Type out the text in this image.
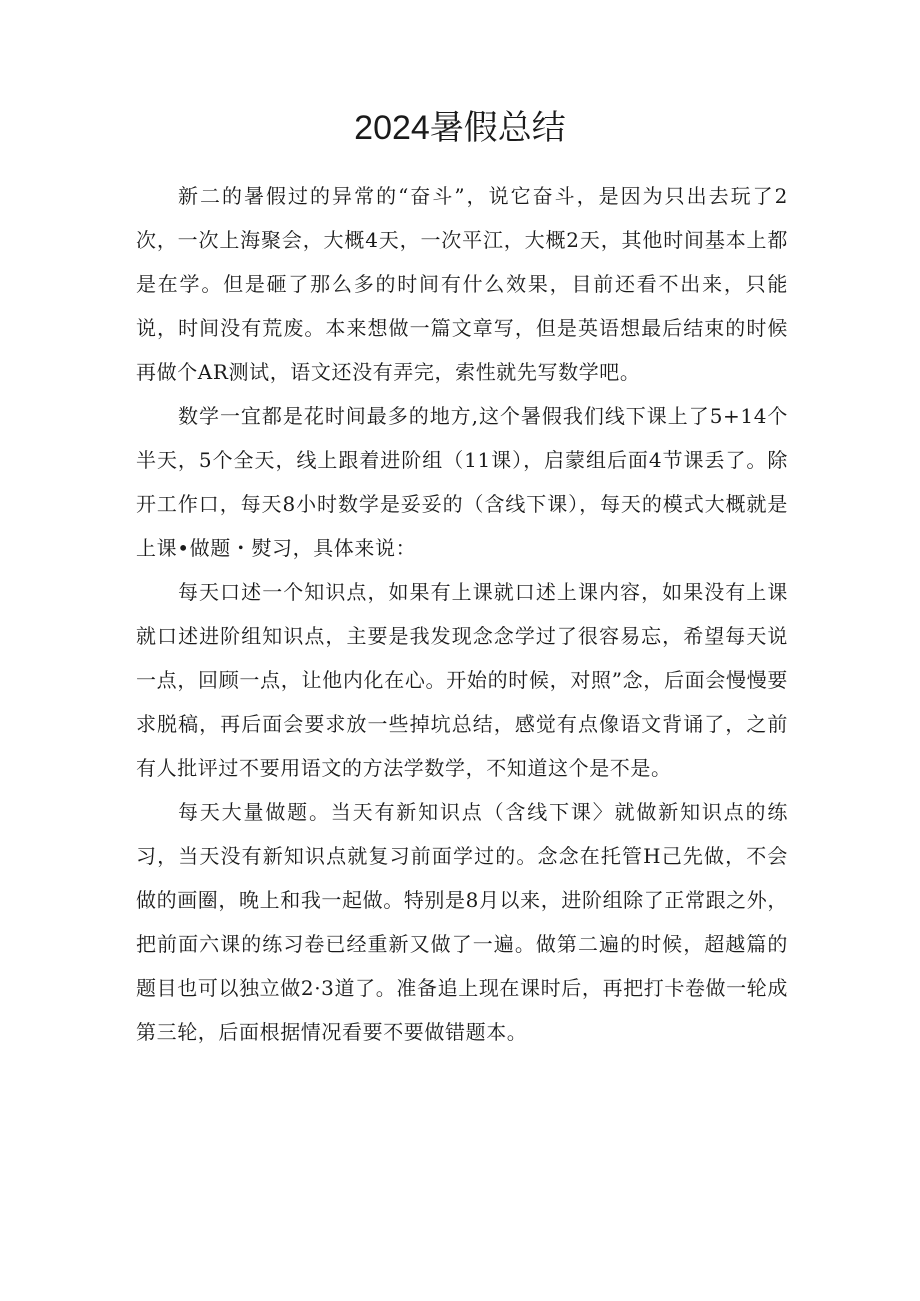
2024暑假总结

新二的暑假过的异常的“奋斗”，说它奋斗，是因为只出去玩了2次，一次上海聚会，大概4天，一次平江，大概2天，其他时间基本上都是在学。但是砸了那么多的时间有什么效果，目前还看不出来，只能说，时间没有荒废。本来想做一篇文章写，但是英语想最后结束的时候再做个AR测试，语文还没有弄完，索性就先写数学吧。

数学一宜都是花时间最多的地方,这个暑假我们线下课上了5+14个半天，5个全天，线上跟着进阶组（11课），启蒙组后面4节课丢了。除开工作口，每天8小时数学是妥妥的（含线下课），每天的模式大概就是上课•做题・熨习，具体来说：

每天口述一个知识点，如果有上课就口述上课内容，如果没有上课就口述进阶组知识点，主要是我发现念念学过了很容易忘，希望每天说一点，回顾一点，让他内化在心。开始的时候，对照”念，后面会慢慢要求脱稿，再后面会要求放一些掉坑总结，感觉有点像语文背诵了，之前有人批评过不要用语文的方法学数学，不知道这个是不是。

每天大量做题。当天有新知识点（含线下课〉就做新知识点的练习，当天没有新知识点就复习前面学过的。念念在托管H己先做，不会做的画圈，晚上和我一起做。特别是8月以来，进阶组除了正常跟之外，把前面六课的练习卷已经重新又做了一遍。做第二遍的时候，超越篇的题目也可以独立做2·3道了。准备追上现在课时后，再把打卡卷做一轮成第三轮，后面根据情况看要不要做错题本。
